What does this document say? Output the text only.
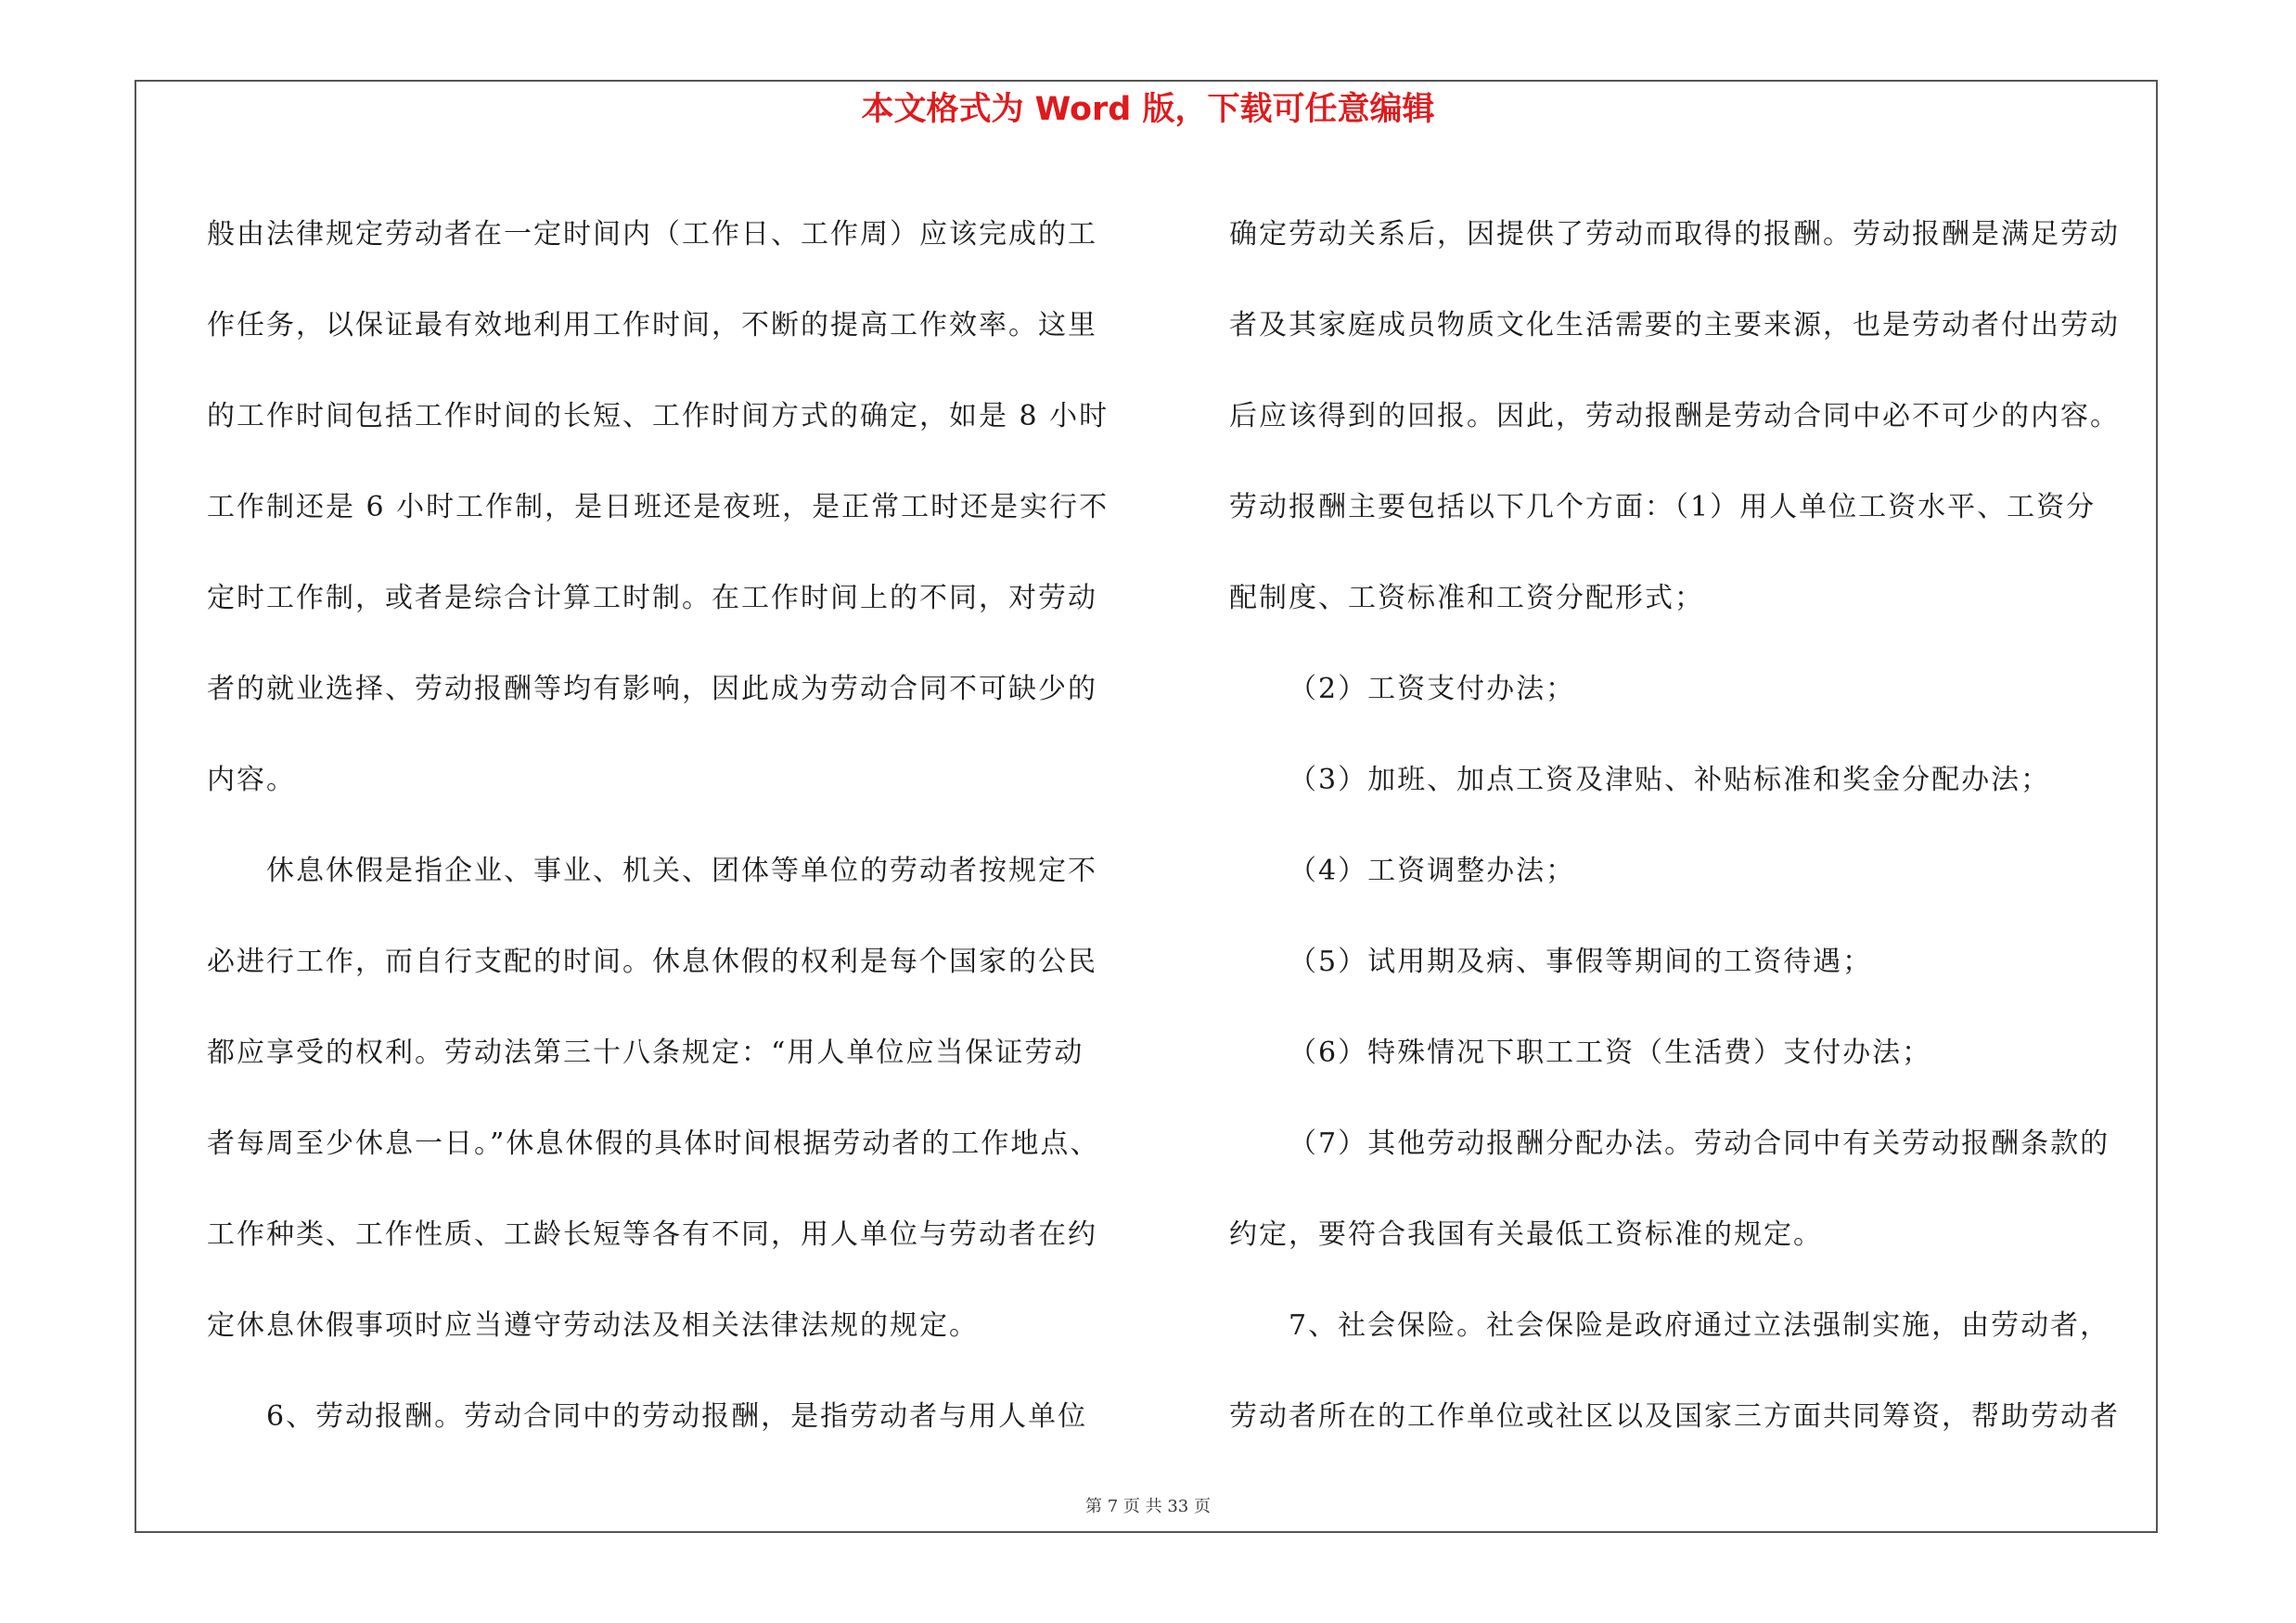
本文格式为 Word 版，下载可任意编辑
般由法律规定劳动者在一定时间内（工作日、工作周）应该完成的工
作任务，以保证最有效地利用工作时间，不断的提高工作效率。这里
的工作时间包括工作时间的长短、工作时间方式的确定，如是 8 小时
工作制还是 6 小时工作制，是日班还是夜班，是正常工时还是实行不
定时工作制，或者是综合计算工时制。在工作时间上的不同，对劳动
者的就业选择、劳动报酬等均有影响，因此成为劳动合同不可缺少的
内容。
休息休假是指企业、事业、机关、团体等单位的劳动者按规定不
必进行工作，而自行支配的时间。休息休假的权利是每个国家的公民
都应享受的权利。劳动法第三十八条规定：“用人单位应当保证劳动
者每周至少休息一日。”休息休假的具体时间根据劳动者的工作地点、
工作种类、工作性质、工龄长短等各有不同，用人单位与劳动者在约
定休息休假事项时应当遵守劳动法及相关法律法规的规定。
6、劳动报酬。劳动合同中的劳动报酬，是指劳动者与用人单位
确定劳动关系后，因提供了劳动而取得的报酬。劳动报酬是满足劳动
者及其家庭成员物质文化生活需要的主要来源，也是劳动者付出劳动
后应该得到的回报。因此，劳动报酬是劳动合同中必不可少的内容。
劳动报酬主要包括以下几个方面：（1）用人单位工资水平、工资分
配制度、工资标准和工资分配形式；
（2）工资支付办法；
（3）加班、加点工资及津贴、补贴标准和奖金分配办法；
（4）工资调整办法；
（5）试用期及病、事假等期间的工资待遇；
（6）特殊情况下职工工资（生活费）支付办法；
（7）其他劳动报酬分配办法。劳动合同中有关劳动报酬条款的
约定，要符合我国有关最低工资标准的规定。
7、社会保险。社会保险是政府通过立法强制实施，由劳动者，
劳动者所在的工作单位或社区以及国家三方面共同筹资，帮助劳动者
第 7 页 共 33 页
